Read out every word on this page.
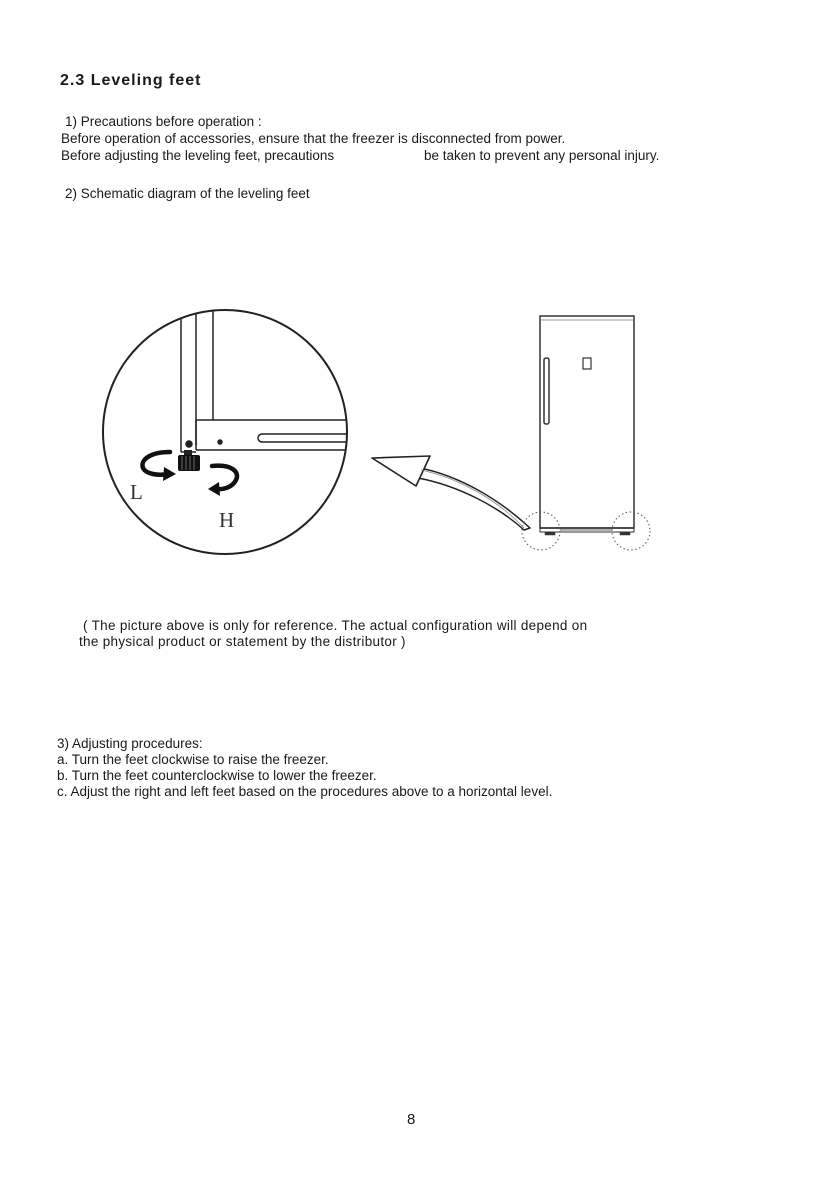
2.3 Leveling feet
1) Precautions before operation :
Before operation of accessories, ensure that the freezer is disconnected from power.
Before adjusting the leveling feet, precautions	be taken to prevent any personal injury.
2) Schematic diagram of the leveling feet
L
H
( The picture above is only for reference. The actual configuration will depend on
the physical product or statement by the distributor )
3) Adjusting procedures:
a. Turn the feet clockwise to raise the freezer.
b. Turn the feet counterclockwise to lower the freezer.
c. Adjust the right and left feet based on the procedures above to a horizontal level.
8
